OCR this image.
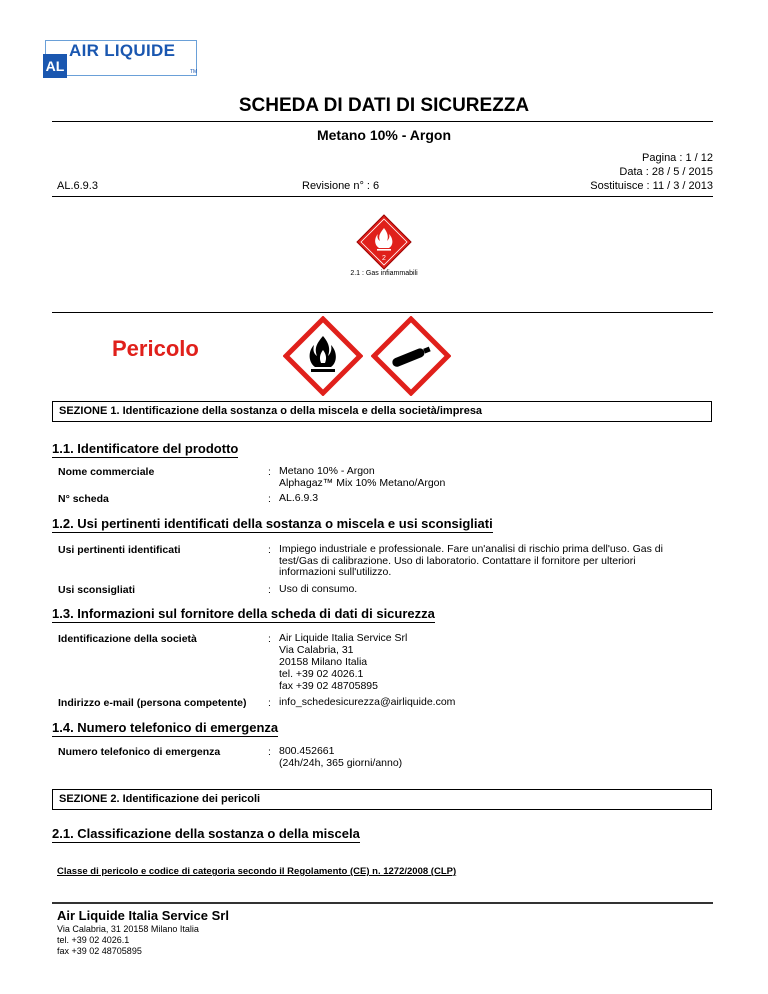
AL
AIR LIQUIDE
TM
SCHEDA DI DATI DI SICUREZZA
Metano 10% - Argon
Pagina : 1 / 12
Data : 28 / 5 / 2015
AL.6.9.3	Revisione n° : 6	Sostituisce : 11 / 3 / 2013
2
2.1 : Gas infiammabili
Pericolo
SEZIONE 1. Identificazione della sostanza o della miscela e della società/impresa
1.1. Identificatore del prodotto
Nome commerciale	: Metano 10% - Argon
Alphagaz™ Mix 10% Metano/Argon
N° scheda	: AL.6.9.3
1.2. Usi pertinenti identificati della sostanza o miscela e usi sconsigliati
Usi pertinenti identificati	: Impiego industriale e professionale. Fare un'analisi di rischio prima dell'uso. Gas di test/Gas di calibrazione. Uso di laboratorio. Contattare il fornitore per ulteriori informazioni sull'utilizzo.
Usi sconsigliati	: Uso di consumo.
1.3. Informazioni sul fornitore della scheda di dati di sicurezza
Identificazione della società	: Air Liquide Italia Service Srl
Via Calabria, 31
20158 Milano Italia
tel. +39 02 4026.1
fax +39 02 48705895
Indirizzo e-mail (persona competente) : info_schedesicurezza@airliquide.com
1.4. Numero telefonico di emergenza
Numero telefonico di emergenza	: 800.452661
(24h/24h, 365 giorni/anno)
SEZIONE 2. Identificazione dei pericoli
2.1. Classificazione della sostanza o della miscela
Classe di pericolo e codice di categoria secondo il Regolamento (CE) n. 1272/2008 (CLP)
Air Liquide Italia Service Srl
Via Calabria, 31 20158 Milano Italia
tel. +39 02 4026.1
fax +39 02 48705895
